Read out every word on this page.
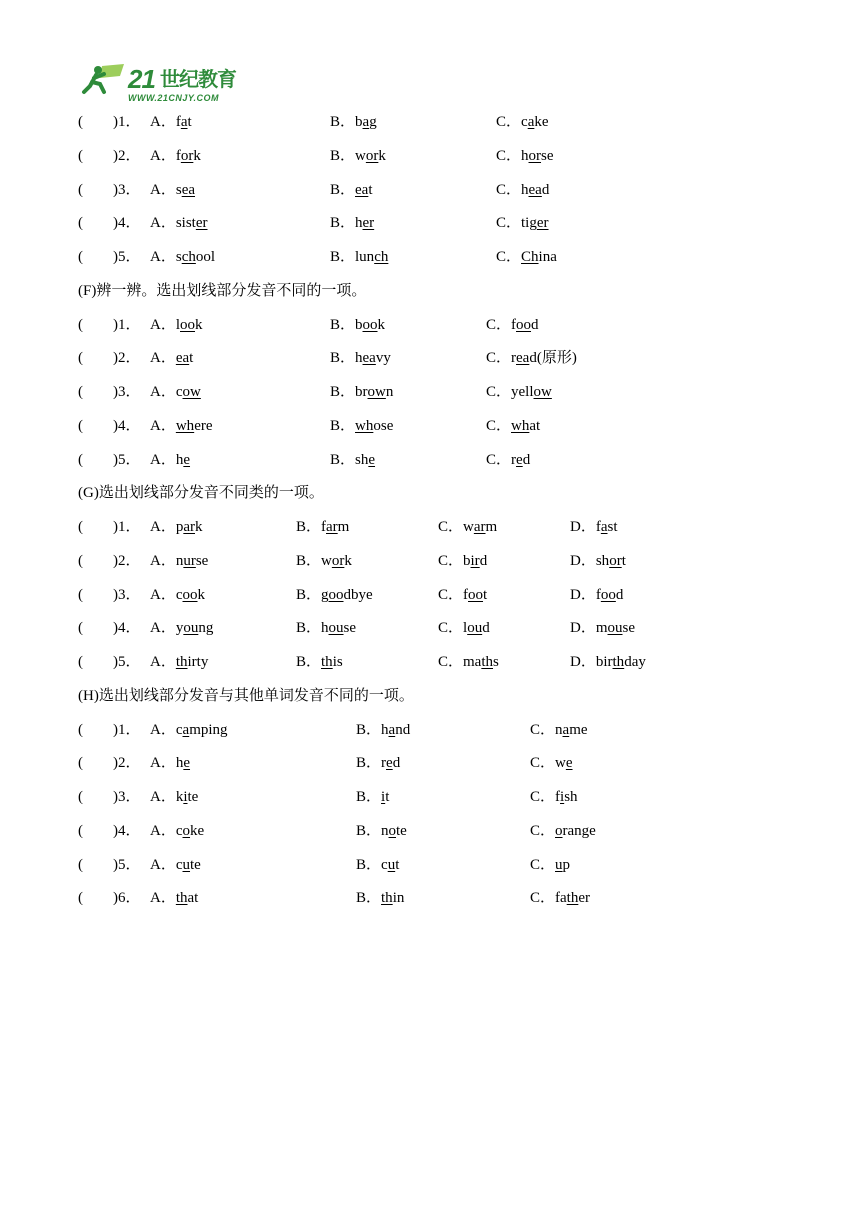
21 世纪教育
WWW.21CNJY.COM
(  )1． A．fat	B．bag	C．cake
(  )2． A．fork	B．work	C．horse
(  )3． A．sea	B．eat	C．head
(  )4． A．sister	B．her	C．tiger
(  )5． A．school	B．lunch	C．China
(F)辨一辨。选出划线部分发音不同的一项。
(  )1． A．look	B．book	C．food
(  )2． A．eat	B．heavy	C．read(原形)
(  )3． A．cow	B．brown	C．yellow
(  )4． A．where	B．whose	C．what
(  )5． A．he	B．she	C．red
(G)选出划线部分发音不同类的一项。
(  )1． A．park	B．farm	C．warm	D．fast
(  )2． A．nurse	B．work	C．bird	D．short
(  )3． A．cook	B．goodbye	C．foot	D．food
(  )4． A．young	B．house	C．loud	D．mouse
(  )5． A．thirty	B．this	C．maths	D．birthday
(H)选出划线部分发音与其他单词发音不同的一项。
(  )1． A．camping	B．hand	C．name
(  )2． A．he	B．red	C．we
(  )3． A．kite	B．it	C．fish
(  )4． A．coke	B．note	C．orange
(  )5． A．cute	B．cut	C．up
(  )6． A．that	B．thin	C．father
